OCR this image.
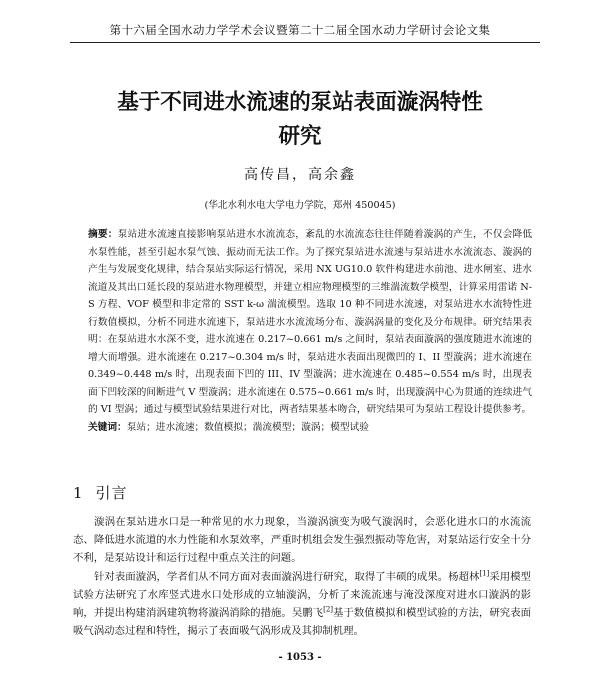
第十六届全国水动力学学术会议暨第二十二届全国水动力学研讨会论文集
基于不同进水流速的泵站表面漩涡特性
研究
高传昌，高余鑫
(华北水利水电大学电力学院，郑州 450045)
摘要：泵站进水流速直接影响泵站进水水流流态，紊乱的水流流态往往伴随着漩涡的产生，不仅会降低水泵性能，甚至引起水泵气蚀、振动而无法工作。为了探究泵站进水流速与泵站进水水流流态、漩涡的产生与发展变化规律，结合泵站实际运行情况，采用 NX UG10.0 软件构建进水前池、进水闸室、进水流道及其出口延长段的泵站进水物理模型，并建立相应物理模型的三维湍流数学模型，计算采用雷诺 N-S 方程、VOF 模型和非定常的 SST k-ω 湍流模型。选取 10 种不同进水流速，对泵站进水水流特性进行数值模拟，分析不同进水流速下，泵站进水水流流场分布、漩涡涡量的变化及分布规律。研究结果表明：在泵站进水水深不变，进水流速在 0.217~0.661 m/s 之间时，泵站表面漩涡的强度随进水流速的增大而增强。进水流速在 0.217~0.304 m/s 时，泵站进水表面出现微凹的 I、II 型漩涡；进水流速在 0.349~0.448 m/s 时，出现表面下凹的 III、IV 型漩涡；进水流速在 0.485~0.554 m/s 时，出现表面下凹较深的间断进气 V 型漩涡；进水流速在 0.575~0.661 m/s 时，出现漩涡中心为贯通的连续进气的 VI 型涡；通过与模型试验结果进行对比，两者结果基本吻合，研究结果可为泵站工程设计提供参考。
关键词：泵站；进水流速；数值模拟；湍流模型；漩涡；模型试验
1 引言

漩涡在泵站进水口是一种常见的水力现象，当漩涡演变为吸气漩涡时，会恶化进水口的水流流态、降低进水流道的水力性能和水泵效率，严重时机组会发生强烈振动等危害，对泵站运行安全十分不利，是泵站设计和运行过程中重点关注的问题。

针对表面漩涡，学者们从不同方面对表面漩涡进行研究，取得了丰硕的成果。杨超林[1]采用模型试验方法研究了水库竖式进水口处形成的立轴漩涡，分析了来流流速与淹没深度对进水口漩涡的影响，并提出构建消涡建筑物将漩涡消除的措施。吴鹏飞[2]基于数值模拟和模型试验的方法，研究表面吸气涡动态过程和特性，揭示了表面吸气涡形成及其抑制机理。

- 1053 -
